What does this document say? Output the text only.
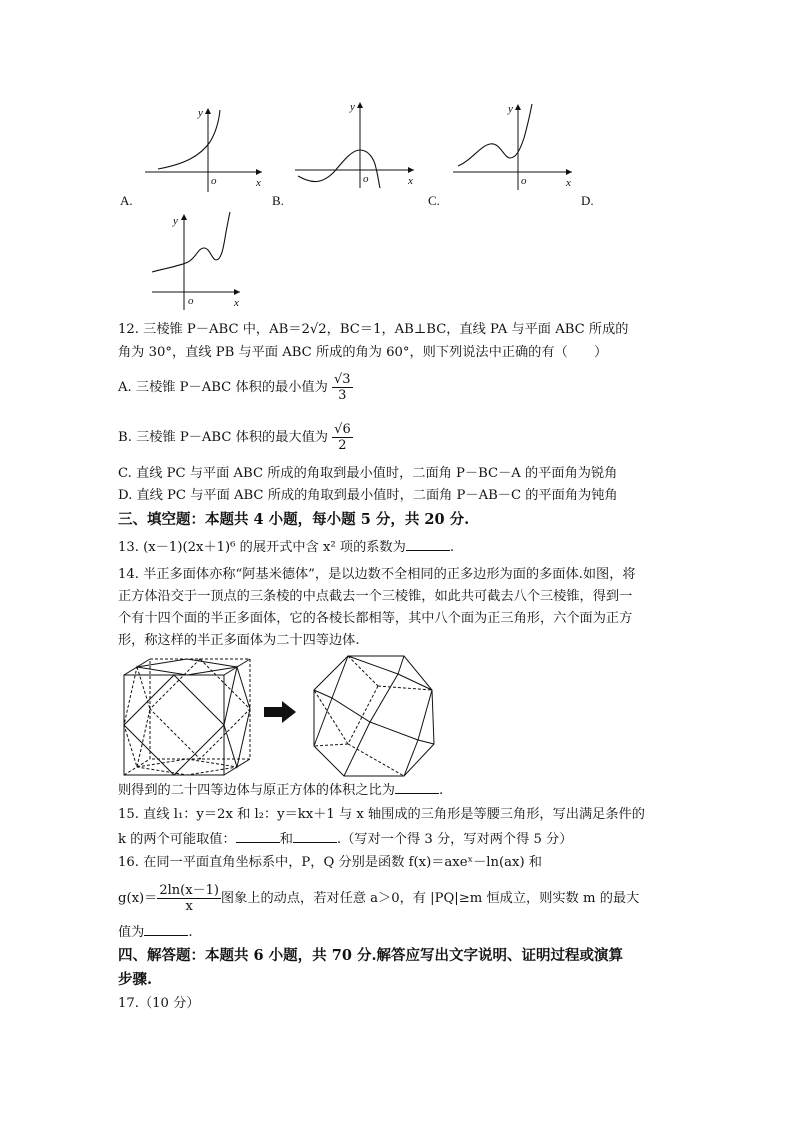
y
x
o
A.
y
x
o
B.
y
x
o
C.	D.
y
x
o
12. 三棱锥 P－ABC 中，AB＝2√2，BC＝1，AB⊥BC，直线 PA 与平面 ABC 所成的
角为 30°，直线 PB 与平面 ABC 所成的角为 60°，则下列说法中正确的有（　　）
A. 三棱锥 P－ABC 体积的最小值为 $\frac{√3}{3}$
B. 三棱锥 P－ABC 体积的最大值为 $\frac{√6}{2}$
C. 直线 PC 与平面 ABC 所成的角取到最小值时，二面角 P－BC－A 的平面角为锐角
D. 直线 PC 与平面 ABC 所成的角取到最小值时，二面角 P－AB－C 的平面角为钝角
三、填空题：本题共 4 小题，每小题 5 分，共 20 分.
13. (x－1)(2x＋1)⁶ 的展开式中含 x² 项的系数为	.
14. 半正多面体亦称“阿基米德体”，是以边数不全相同的正多边形为面的多面体.如图，将
正方体沿交于一顶点的三条棱的中点截去一个三棱锥，如此共可截去八个三棱锥，得到一
个有十四个面的半正多面体，它的各棱长都相等，其中八个面为正三角形，六个面为正方
形，称这样的半正多面体为二十四等边体.
则得到的二十四等边体与原正方体的体积之比为	.
15. 直线 l₁：y＝2x 和 l₂：y＝kx＋1 与 x 轴围成的三角形是等腰三角形，写出满足条件的
k 的两个可能取值：	和	.（写对一个得 3 分，写对两个得 5 分）
16. 在同一平面直角坐标系中，P，Q 分别是函数 f(x)＝axeˣ－ln(ax) 和
$g(x)= \frac{2\ln(x-1)}{x}$ 图象上的动点，若对任意 a＞0，有 |PQ|≥m 恒成立，则实数 m 的最大
值为	.
四、解答题：本题共 6 小题，共 70 分.解答应写出文字说明、证明过程或演算
步骤.
17.（10 分）
